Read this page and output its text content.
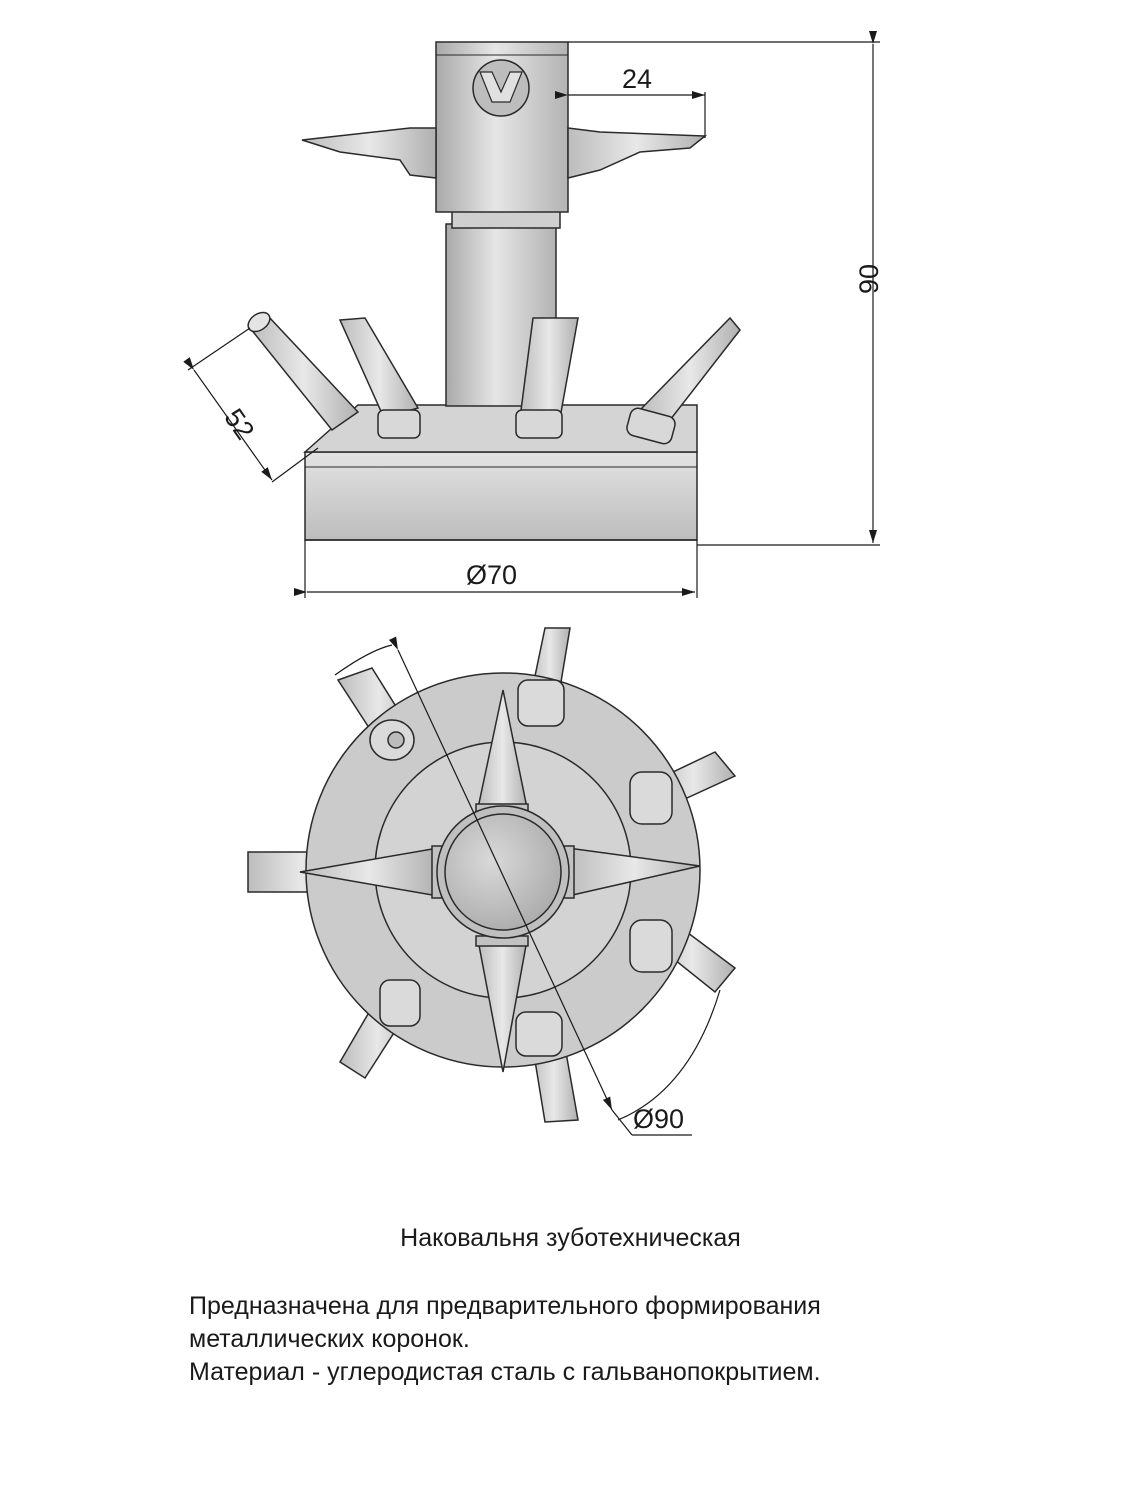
24
90
52
Ø70
Ø90
Наковальня зуботехническая
Предназначена для предварительного формирования
металлических коронок.
Материал - углеродистая сталь с гальванопокрытием.
